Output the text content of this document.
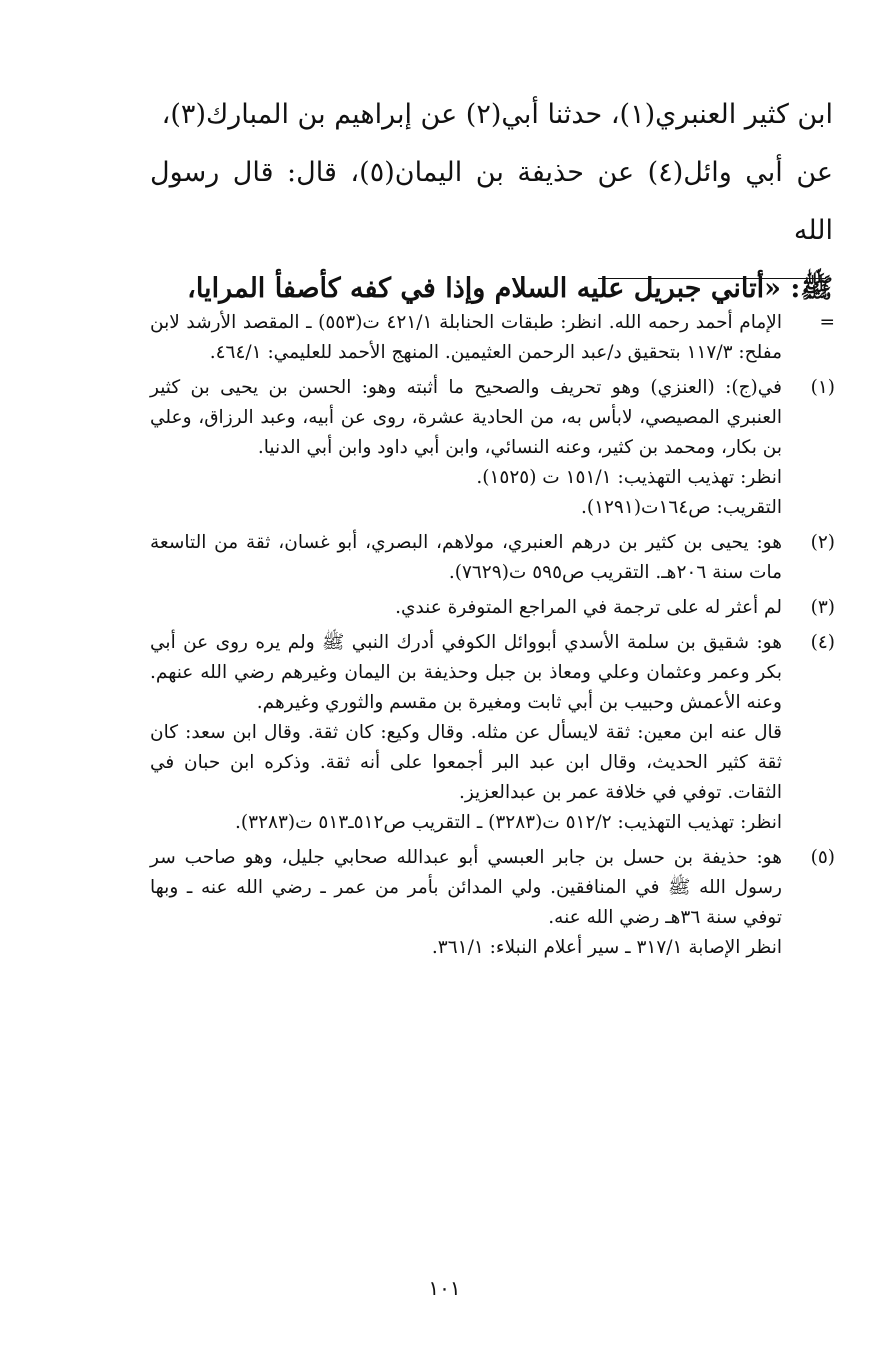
ابن كثير العنبري(١)، حدثنا أبي(٢) عن إبراهيم بن المبارك(٣)،

عن أبي وائل(٤) عن حذيفة بن اليمان(٥)، قال: قال رسول الله

ﷺ: «أتاني جبريل عليه السلام وإذا في كفه كأصفأ المرايا،

=

الإمام أحمد رحمه الله. انظر: طبقات الحنابلة ٤٢١/١ ت(٥٥٣) ـ المقصد الأرشد لابن مفلح: ١١٧/٣ بتحقيق د/عبد الرحمن العثيمين. المنهج الأحمد للعليمي: ٤٦٤/١.

(١)

في(ج): (العنزي) وهو تحريف والصحيح ما أثبته وهو: الحسن بن يحيى بن كثير العنبري المصيصي، لابأس به، من الحادية عشرة، روى عن أبيه، وعبد الرزاق، وعلي بن بكار، ومحمد بن كثير، وعنه النسائي، وابن أبي داود وابن أبي الدنيا.

انظر: تهذيب التهذيب: ١٥١/١ ت (١٥٢٥).

التقريب: ص١٦٤ت(١٢٩١).

(٢)

هو: يحيى بن كثير بن درهم العنبري، مولاهم، البصري، أبو غسان، ثقة من التاسعة مات سنة ٢٠٦هـ. التقريب ص٥٩٥ ت(٧٦٢٩).

(٣)

لم أعثر له على ترجمة في المراجع المتوفرة عندي.

(٤)

هو: شقيق بن سلمة الأسدي أبووائل الكوفي أدرك النبي ﷺ ولم يره روى عن أبي بكر وعمر وعثمان وعلي ومعاذ بن جبل وحذيفة بن اليمان وغيرهم رضي الله عنهم. وعنه الأعمش وحبيب بن أبي ثابت ومغيرة بن مقسم والثوري وغيرهم.

قال عنه ابن معين: ثقة لايسأل عن مثله. وقال وكيع: كان ثقة. وقال ابن سعد: كان ثقة كثير الحديث، وقال ابن عبد البر أجمعوا على أنه ثقة. وذكره ابن حبان في الثقات. توفي في خلافة عمر بن عبدالعزيز.

انظر: تهذيب التهذيب: ٥١٢/٢ ت(٣٢٨٣) ـ التقريب ص٥١٢ـ٥١٣ ت(٣٢٨٣).

(٥)

هو: حذيفة بن حسل بن جابر العبسي أبو عبدالله صحابي جليل، وهو صاحب سر رسول الله ﷺ في المنافقين. ولي المدائن بأمر من عمر ـ رضي الله عنه ـ وبها توفي سنة ٣٦هـ رضي الله عنه.

انظر الإصابة ٣١٧/١ ـ سير أعلام النبلاء: ٣٦١/١.

١٠١
